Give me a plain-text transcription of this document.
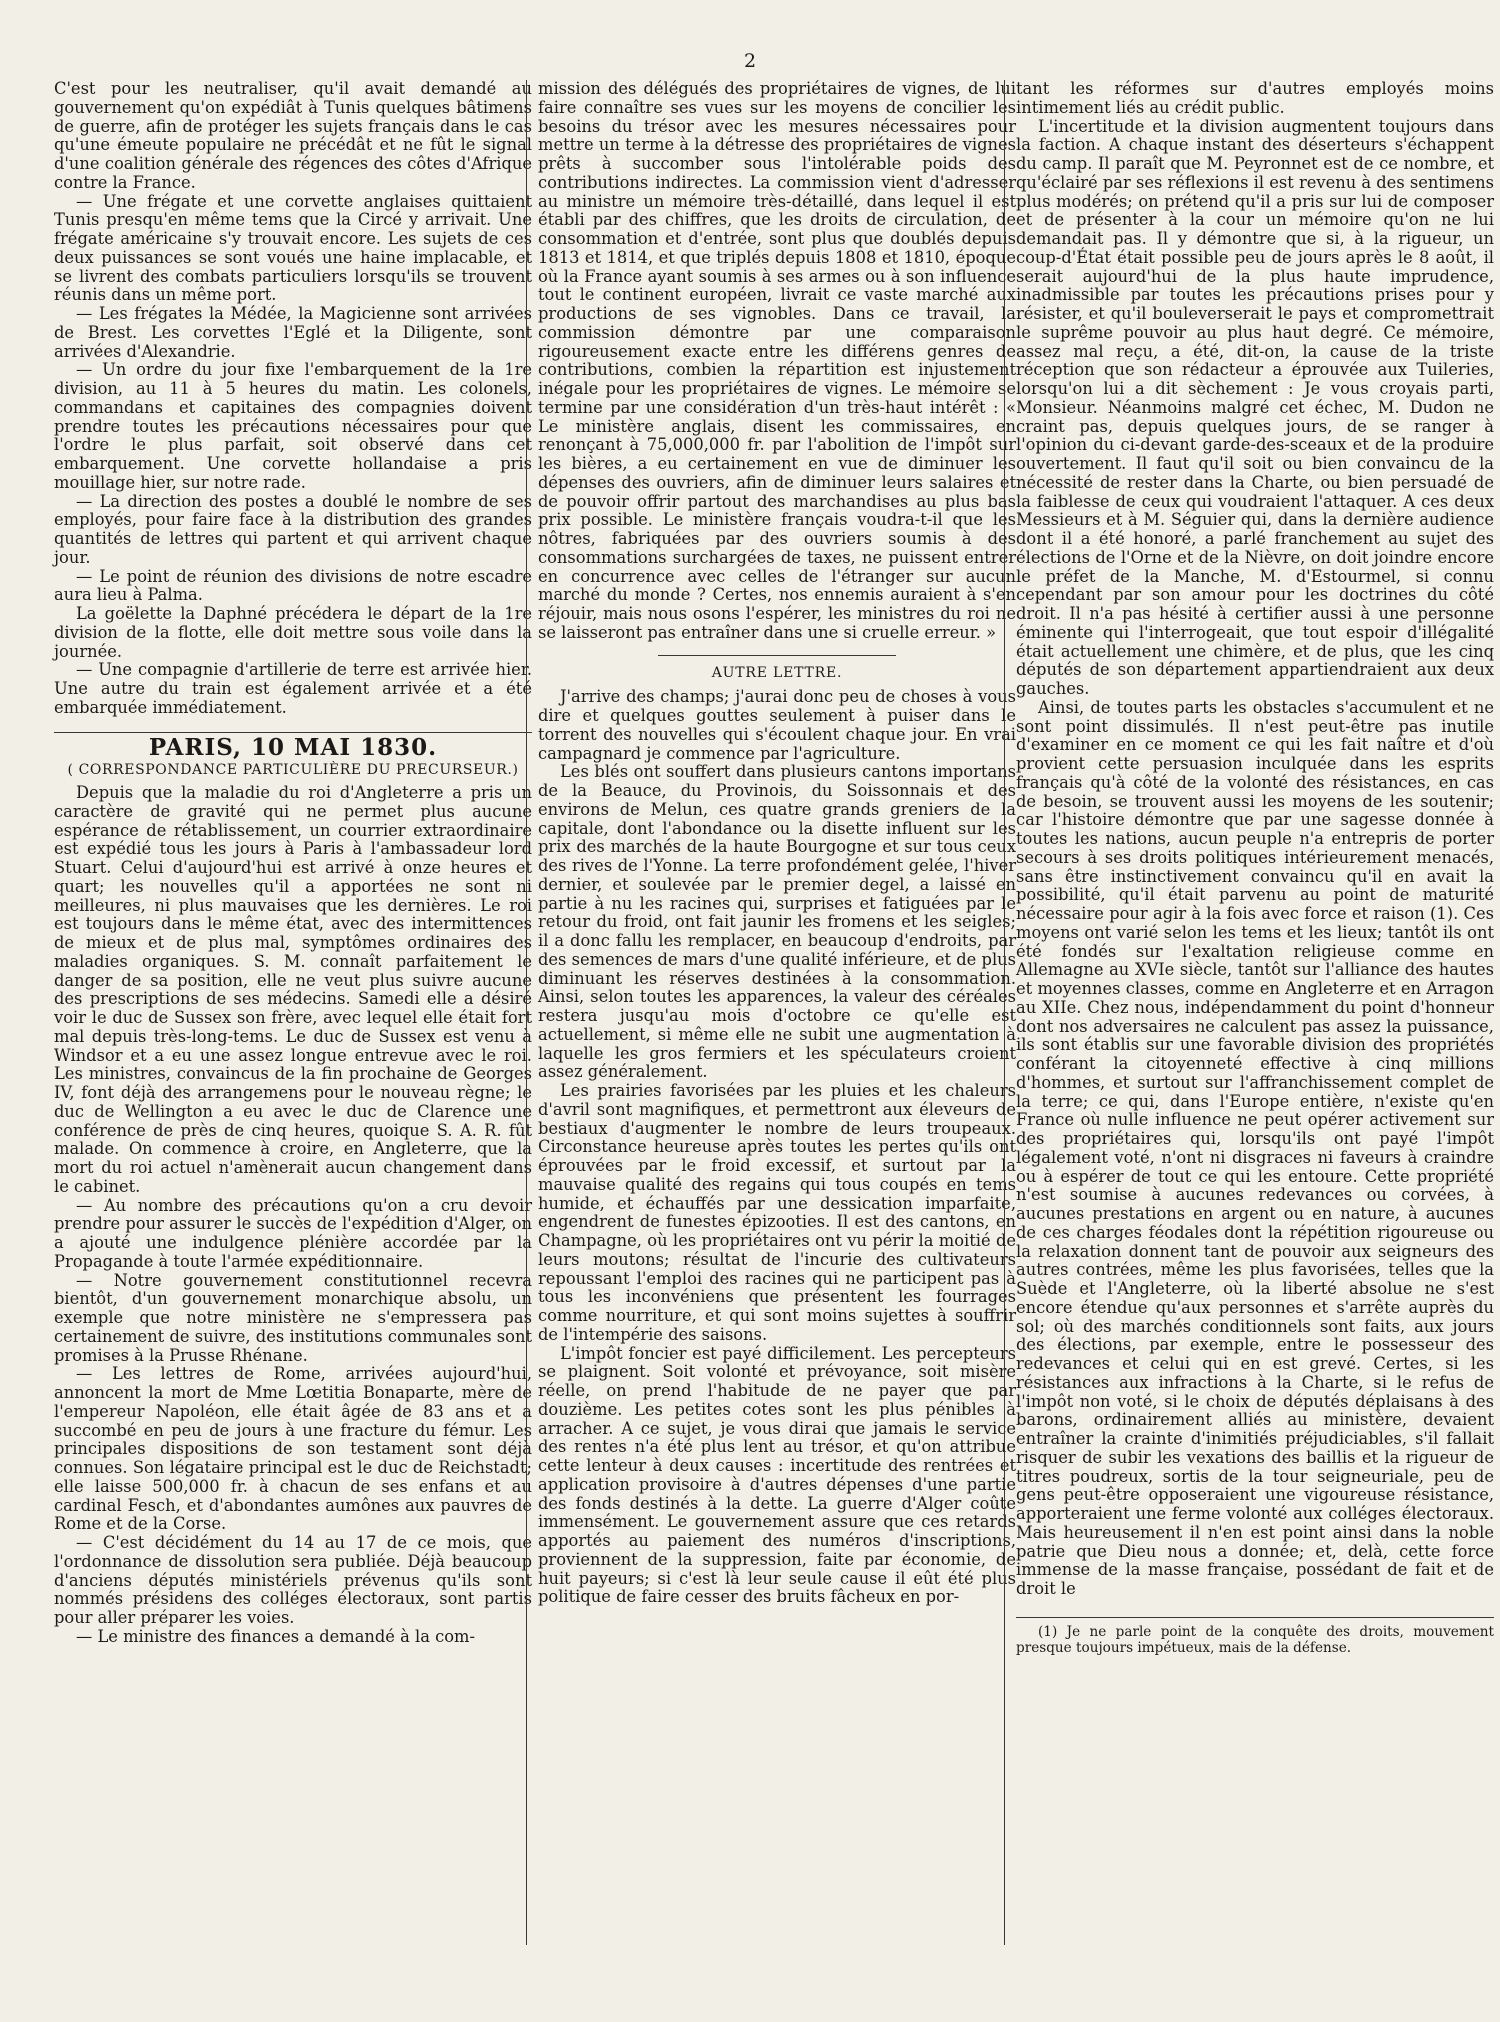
2

C'est pour les neutraliser, qu'il avait demandé au gouvernement qu'on expédiât à Tunis quelques bâtimens de guerre, afin de protéger les sujets français dans le cas qu'une émeute populaire ne précédât et ne fût le signal d'une coalition générale des régences des côtes d'Afrique contre la France.

— Une frégate et une corvette anglaises quittaient Tunis presqu'en même tems que la Circé y arrivait. Une frégate américaine s'y trouvait encore. Les sujets de ces deux puissances se sont voués une haine implacable, et se livrent des combats particuliers lorsqu'ils se trouvent réunis dans un même port.

— Les frégates la Médée, la Magicienne sont arrivées de Brest. Les corvettes l'Eglé et la Diligente, sont arrivées d'Alexandrie.

— Un ordre du jour fixe l'embarquement de la 1re division, au 11 à 5 heures du matin. Les colonels, commandans et capitaines des compagnies doivent prendre toutes les précautions nécessaires pour que l'ordre le plus parfait, soit observé dans cet embarquement. Une corvette hollandaise a pris mouillage hier, sur notre rade.

— La direction des postes a doublé le nombre de ses employés, pour faire face à la distribution des grandes quantités de lettres qui partent et qui arrivent chaque jour.

— Le point de réunion des divisions de notre escadre aura lieu à Palma.

La goëlette la Daphné précédera le départ de la 1re division de la flotte, elle doit mettre sous voile dans la journée.

— Une compagnie d'artillerie de terre est arrivée hier. Une autre du train est également arrivée et a été embarquée immédiatement.

PARIS, 10 MAI 1830.
( CORRESPONDANCE PARTICULIÈRE DU PRECURSEUR.)

Depuis que la maladie du roi d'Angleterre a pris un caractère de gravité qui ne permet plus aucune espérance de rétablissement, un courrier extraordinaire est expédié tous les jours à Paris à l'ambassadeur lord Stuart. Celui d'aujourd'hui est arrivé à onze heures et quart; les nouvelles qu'il a apportées ne sont ni meilleures, ni plus mauvaises que les dernières. Le roi est toujours dans le même état, avec des intermittences de mieux et de plus mal, symptômes ordinaires des maladies organiques. S. M. connaît parfaitement le danger de sa position, elle ne veut plus suivre aucune des prescriptions de ses médecins. Samedi elle a désiré voir le duc de Sussex son frère, avec lequel elle était fort mal depuis très-long-tems. Le duc de Sussex est venu à Windsor et a eu une assez longue entrevue avec le roi. Les ministres, convaincus de la fin prochaine de Georges IV, font déjà des arrangemens pour le nouveau règne; le duc de Wellington a eu avec le duc de Clarence une conférence de près de cinq heures, quoique S. A. R. fût malade. On commence à croire, en Angleterre, que la mort du roi actuel n'amènerait aucun changement dans le cabinet.

— Au nombre des précautions qu'on a cru devoir prendre pour assurer le succès de l'expédition d'Alger, on a ajouté une indulgence plénière accordée par la Propagande à toute l'armée expéditionnaire.

— Notre gouvernement constitutionnel recevra bientôt, d'un gouvernement monarchique absolu, un exemple que notre ministère ne s'empressera pas certainement de suivre, des institutions communales sont promises à la Prusse Rhénane.

— Les lettres de Rome, arrivées aujourd'hui, annoncent la mort de Mme Lœtitia Bonaparte, mère de l'empereur Napoléon, elle était âgée de 83 ans et a succombé en peu de jours à une fracture du fémur. Les principales dispositions de son testament sont déjà connues. Son légataire principal est le duc de Reichstadt; elle laisse 500,000 fr. à chacun de ses enfans et au cardinal Fesch, et d'abondantes aumônes aux pauvres de Rome et de la Corse.

— C'est décidément du 14 au 17 de ce mois, que l'ordonnance de dissolution sera publiée. Déjà beaucoup d'anciens députés ministériels prévenus qu'ils sont nommés présidens des colléges électoraux, sont partis pour aller préparer les voies.

— Le ministre des finances a demandé à la com-

mission des délégués des propriétaires de vignes, de lui faire connaître ses vues sur les moyens de concilier les besoins du trésor avec les mesures nécessaires pour mettre un terme à la détresse des propriétaires de vignes prêts à succomber sous l'intolérable poids des contributions indirectes. La commission vient d'adresser au ministre un mémoire très-détaillé, dans lequel il est établi par des chiffres, que les droits de circulation, de consommation et d'entrée, sont plus que doublés depuis 1813 et 1814, et que triplés depuis 1808 et 1810, époque où la France ayant soumis à ses armes ou à son influence tout le continent européen, livrait ce vaste marché aux productions de ses vignobles. Dans ce travail, la commission démontre par une comparaison rigoureusement exacte entre les différens genres de contributions, combien la répartition est injustement inégale pour les propriétaires de vignes. Le mémoire se termine par une considération d'un très-haut intérêt : « Le ministère anglais, disent les commissaires, en renonçant à 75,000,000 fr. par l'abolition de l'impôt sur les bières, a eu certainement en vue de diminuer les dépenses des ouvriers, afin de diminuer leurs salaires et de pouvoir offrir partout des marchandises au plus bas prix possible. Le ministère français voudra-t-il que les nôtres, fabriquées par des ouvriers soumis à des consommations surchargées de taxes, ne puissent entrer en concurrence avec celles de l'étranger sur aucun marché du monde ? Certes, nos ennemis auraient à s'en réjouir, mais nous osons l'espérer, les ministres du roi ne se laisseront pas entraîner dans une si cruelle erreur. »

AUTRE LETTRE.

J'arrive des champs; j'aurai donc peu de choses à vous dire et quelques gouttes seulement à puiser dans le torrent des nouvelles qui s'écoulent chaque jour. En vrai campagnard je commence par l'agriculture.

Les blés ont souffert dans plusieurs cantons importans de la Beauce, du Provinois, du Soissonnais et des environs de Melun, ces quatre grands greniers de la capitale, dont l'abondance ou la disette influent sur les prix des marchés de la haute Bourgogne et sur tous ceux des rives de l'Yonne. La terre profondément gelée, l'hiver dernier, et soulevée par le premier degel, a laissé en partie à nu les racines qui, surprises et fatiguées par le retour du froid, ont fait jaunir les fromens et les seigles; il a donc fallu les remplacer, en beaucoup d'endroits, par des semences de mars d'une qualité inférieure, et de plus diminuant les réserves destinées à la consommation. Ainsi, selon toutes les apparences, la valeur des céréales restera jusqu'au mois d'octobre ce qu'elle est actuellement, si même elle ne subit une augmentation à laquelle les gros fermiers et les spéculateurs croient assez généralement.

Les prairies favorisées par les pluies et les chaleurs d'avril sont magnifiques, et permettront aux éleveurs de bestiaux d'augmenter le nombre de leurs troupeaux. Circonstance heureuse après toutes les pertes qu'ils ont éprouvées par le froid excessif, et surtout par la mauvaise qualité des regains qui tous coupés en tems humide, et échauffés par une dessication imparfaite, engendrent de funestes épizooties. Il est des cantons, en Champagne, où les propriétaires ont vu périr la moitié de leurs moutons; résultat de l'incurie des cultivateurs repoussant l'emploi des racines qui ne participent pas à tous les inconvéniens que présentent les fourrages comme nourriture, et qui sont moins sujettes à souffrir de l'intempérie des saisons.

L'impôt foncier est payé difficilement. Les percepteurs se plaignent. Soit volonté et prévoyance, soit misère réelle, on prend l'habitude de ne payer que par douzième. Les petites cotes sont les plus pénibles à arracher. A ce sujet, je vous dirai que jamais le service des rentes n'a été plus lent au trésor, et qu'on attribue cette lenteur à deux causes : incertitude des rentrées et application provisoire à d'autres dépenses d'une partie des fonds destinés à la dette. La guerre d'Alger coûte immensément. Le gouvernement assure que ces retards apportés au paiement des numéros d'inscriptions, proviennent de la suppression, faite par économie, de huit payeurs; si c'est là leur seule cause il eût été plus politique de faire cesser des bruits fâcheux en por-

tant les réformes sur d'autres employés moins intimement liés au crédit public.

L'incertitude et la division augmentent toujours dans la faction. A chaque instant des déserteurs s'échappent du camp. Il paraît que M. Peyronnet est de ce nombre, et qu'éclairé par ses réflexions il est revenu à des sentimens plus modérés; on prétend qu'il a pris sur lui de composer et de présenter à la cour un mémoire qu'on ne lui demandait pas. Il y démontre que si, à la rigueur, un coup-d'État était possible peu de jours après le 8 août, il serait aujourd'hui de la plus haute imprudence, inadmissible par toutes les précautions prises pour y résister, et qu'il bouleverserait le pays et compromettrait le suprême pouvoir au plus haut degré. Ce mémoire, assez mal reçu, a été, dit-on, la cause de la triste réception que son rédacteur a éprouvée aux Tuileries, lorsqu'on lui a dit sèchement : Je vous croyais parti, Monsieur. Néanmoins malgré cet échec, M. Dudon ne craint pas, depuis quelques jours, de se ranger à l'opinion du ci-devant garde-des-sceaux et de la produire ouvertement. Il faut qu'il soit ou bien convaincu de la nécessité de rester dans la Charte, ou bien persuadé de la faiblesse de ceux qui voudraient l'attaquer. A ces deux Messieurs et à M. Séguier qui, dans la dernière audience dont il a été honoré, a parlé franchement au sujet des élections de l'Orne et de la Nièvre, on doit joindre encore le préfet de la Manche, M. d'Estourmel, si connu cependant par son amour pour les doctrines du côté droit. Il n'a pas hésité à certifier aussi à une personne éminente qui l'interrogeait, que tout espoir d'illégalité était actuellement une chimère, et de plus, que les cinq députés de son département appartiendraient aux deux gauches.

Ainsi, de toutes parts les obstacles s'accumulent et ne sont point dissimulés. Il n'est peut-être pas inutile d'examiner en ce moment ce qui les fait naître et d'où provient cette persuasion inculquée dans les esprits français qu'à côté de la volonté des résistances, en cas de besoin, se trouvent aussi les moyens de les soutenir; car l'histoire démontre que par une sagesse donnée à toutes les nations, aucun peuple n'a entrepris de porter secours à ses droits politiques intérieurement menacés, sans être instinctivement convaincu qu'il en avait la possibilité, qu'il était parvenu au point de maturité nécessaire pour agir à la fois avec force et raison (1). Ces moyens ont varié selon les tems et les lieux; tantôt ils ont été fondés sur l'exaltation religieuse comme en Allemagne au XVIe siècle, tantôt sur l'alliance des hautes et moyennes classes, comme en Angleterre et en Arragon au XIIe. Chez nous, indépendamment du point d'honneur dont nos adversaires ne calculent pas assez la puissance, ils sont établis sur une favorable division des propriétés conférant la citoyenneté effective à cinq millions d'hommes, et surtout sur l'affranchissement complet de la terre; ce qui, dans l'Europe entière, n'existe qu'en France où nulle influence ne peut opérer activement sur des propriétaires qui, lorsqu'ils ont payé l'impôt légalement voté, n'ont ni disgraces ni faveurs à craindre ou à espérer de tout ce qui les entoure. Cette propriété n'est soumise à aucunes redevances ou corvées, à aucunes prestations en argent ou en nature, à aucunes de ces charges féodales dont la répétition rigoureuse ou la relaxation donnent tant de pouvoir aux seigneurs des autres contrées, même les plus favorisées, telles que la Suède et l'Angleterre, où la liberté absolue ne s'est encore étendue qu'aux personnes et s'arrête auprès du sol; où des marchés conditionnels sont faits, aux jours des élections, par exemple, entre le possesseur des redevances et celui qui en est grevé. Certes, si les résistances aux infractions à la Charte, si le refus de l'impôt non voté, si le choix de députés déplaisans à des barons, ordinairement alliés au ministère, devaient entraîner la crainte d'inimitiés préjudiciables, s'il fallait risquer de subir les vexations des baillis et la rigueur de titres poudreux, sortis de la tour seigneuriale, peu de gens peut-être opposeraient une vigoureuse résistance, apporteraient une ferme volonté aux colléges électoraux. Mais heureusement il n'en est point ainsi dans la noble patrie que Dieu nous a donnée; et, delà, cette force immense de la masse française, possédant de fait et de droit le

(1) Je ne parle point de la conquête des droits, mouvement presque toujours impétueux, mais de la défense.
